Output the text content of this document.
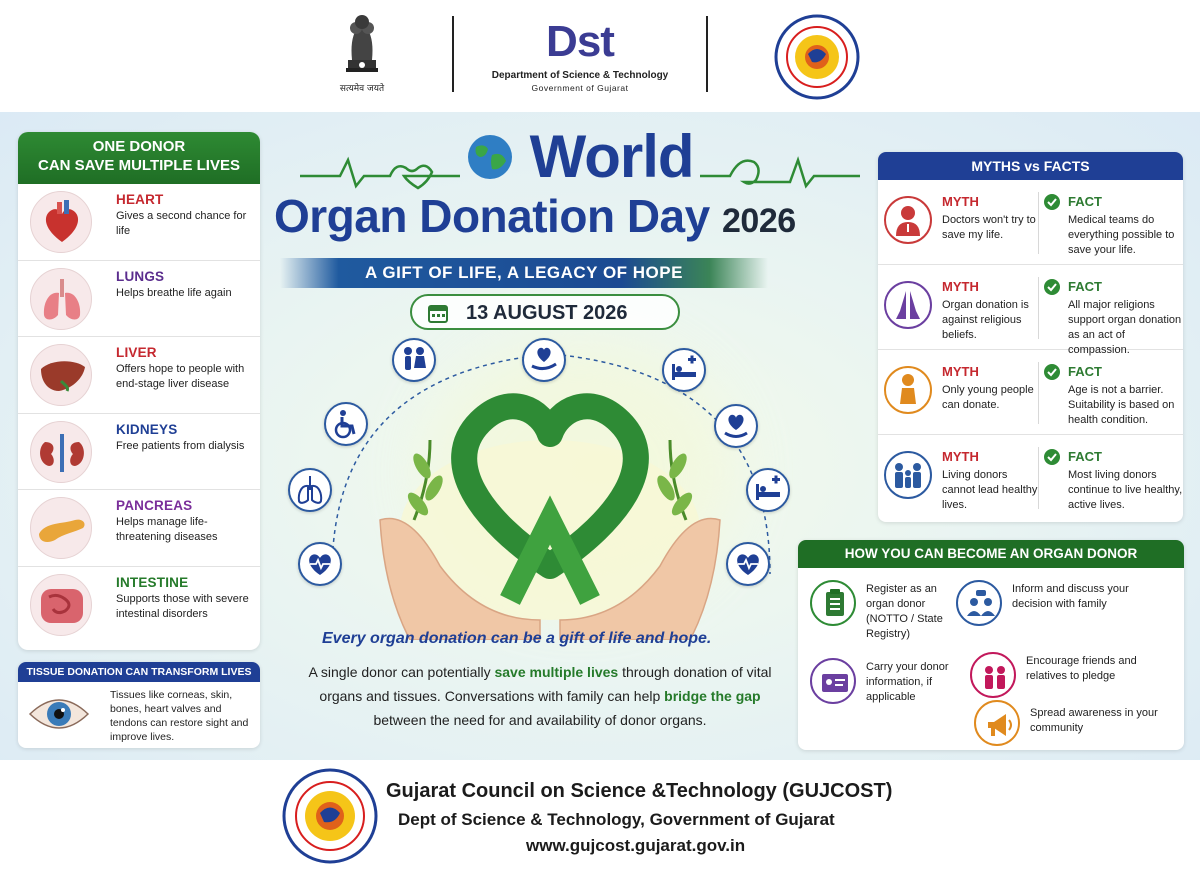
सत्यमेव जयते
Dst
Department of Science & Technology
Government of Gujarat
ONE DONOR
CAN SAVE MULTIPLE LIVES
HEART
Gives a second chance for life
LUNGS
Helps breathe life again
LIVER
Offers hope to people with end-stage liver disease
KIDNEYS
Free patients from dialysis
PANCREAS
Helps manage life-threatening diseases
INTESTINE
Supports those with severe intestinal disorders
TISSUE DONATION CAN TRANSFORM LIVES
Tissues like corneas, skin, bones, heart valves and tendons can restore sight and improve lives.
World
Organ Donation Day 2026
A GIFT OF LIFE, A LEGACY OF HOPE
13 AUGUST 2026
Every organ donation can be a gift of life and hope.
A single donor can potentially save multiple lives through donation of vital organs and tissues. Conversations with family can help bridge the gap between the need for and availability of donor organs.
MYTHS vs FACTS
MYTH
Doctors won't try to save my life.
FACT
Medical teams do everything possible to save your life.
MYTH
Organ donation is against religious beliefs.
FACT
All major religions support organ donation as an act of compassion.
MYTH
Only young people can donate.
FACT
Age is not a barrier. Suitability is based on health condition.
MYTH
Living donors cannot lead healthy lives.
FACT
Most living donors continue to live healthy, active lives.
HOW YOU CAN BECOME AN ORGAN DONOR
Register as an organ donor (NOTTO / State Registry)
Inform and discuss your decision with family
Carry your donor information, if applicable
Encourage friends and relatives to pledge
Spread awareness in your community
Gujarat Council on Science &Technology (GUJCOST)
Dept of Science & Technology, Government of Gujarat
www.gujcost.gujarat.gov.in
